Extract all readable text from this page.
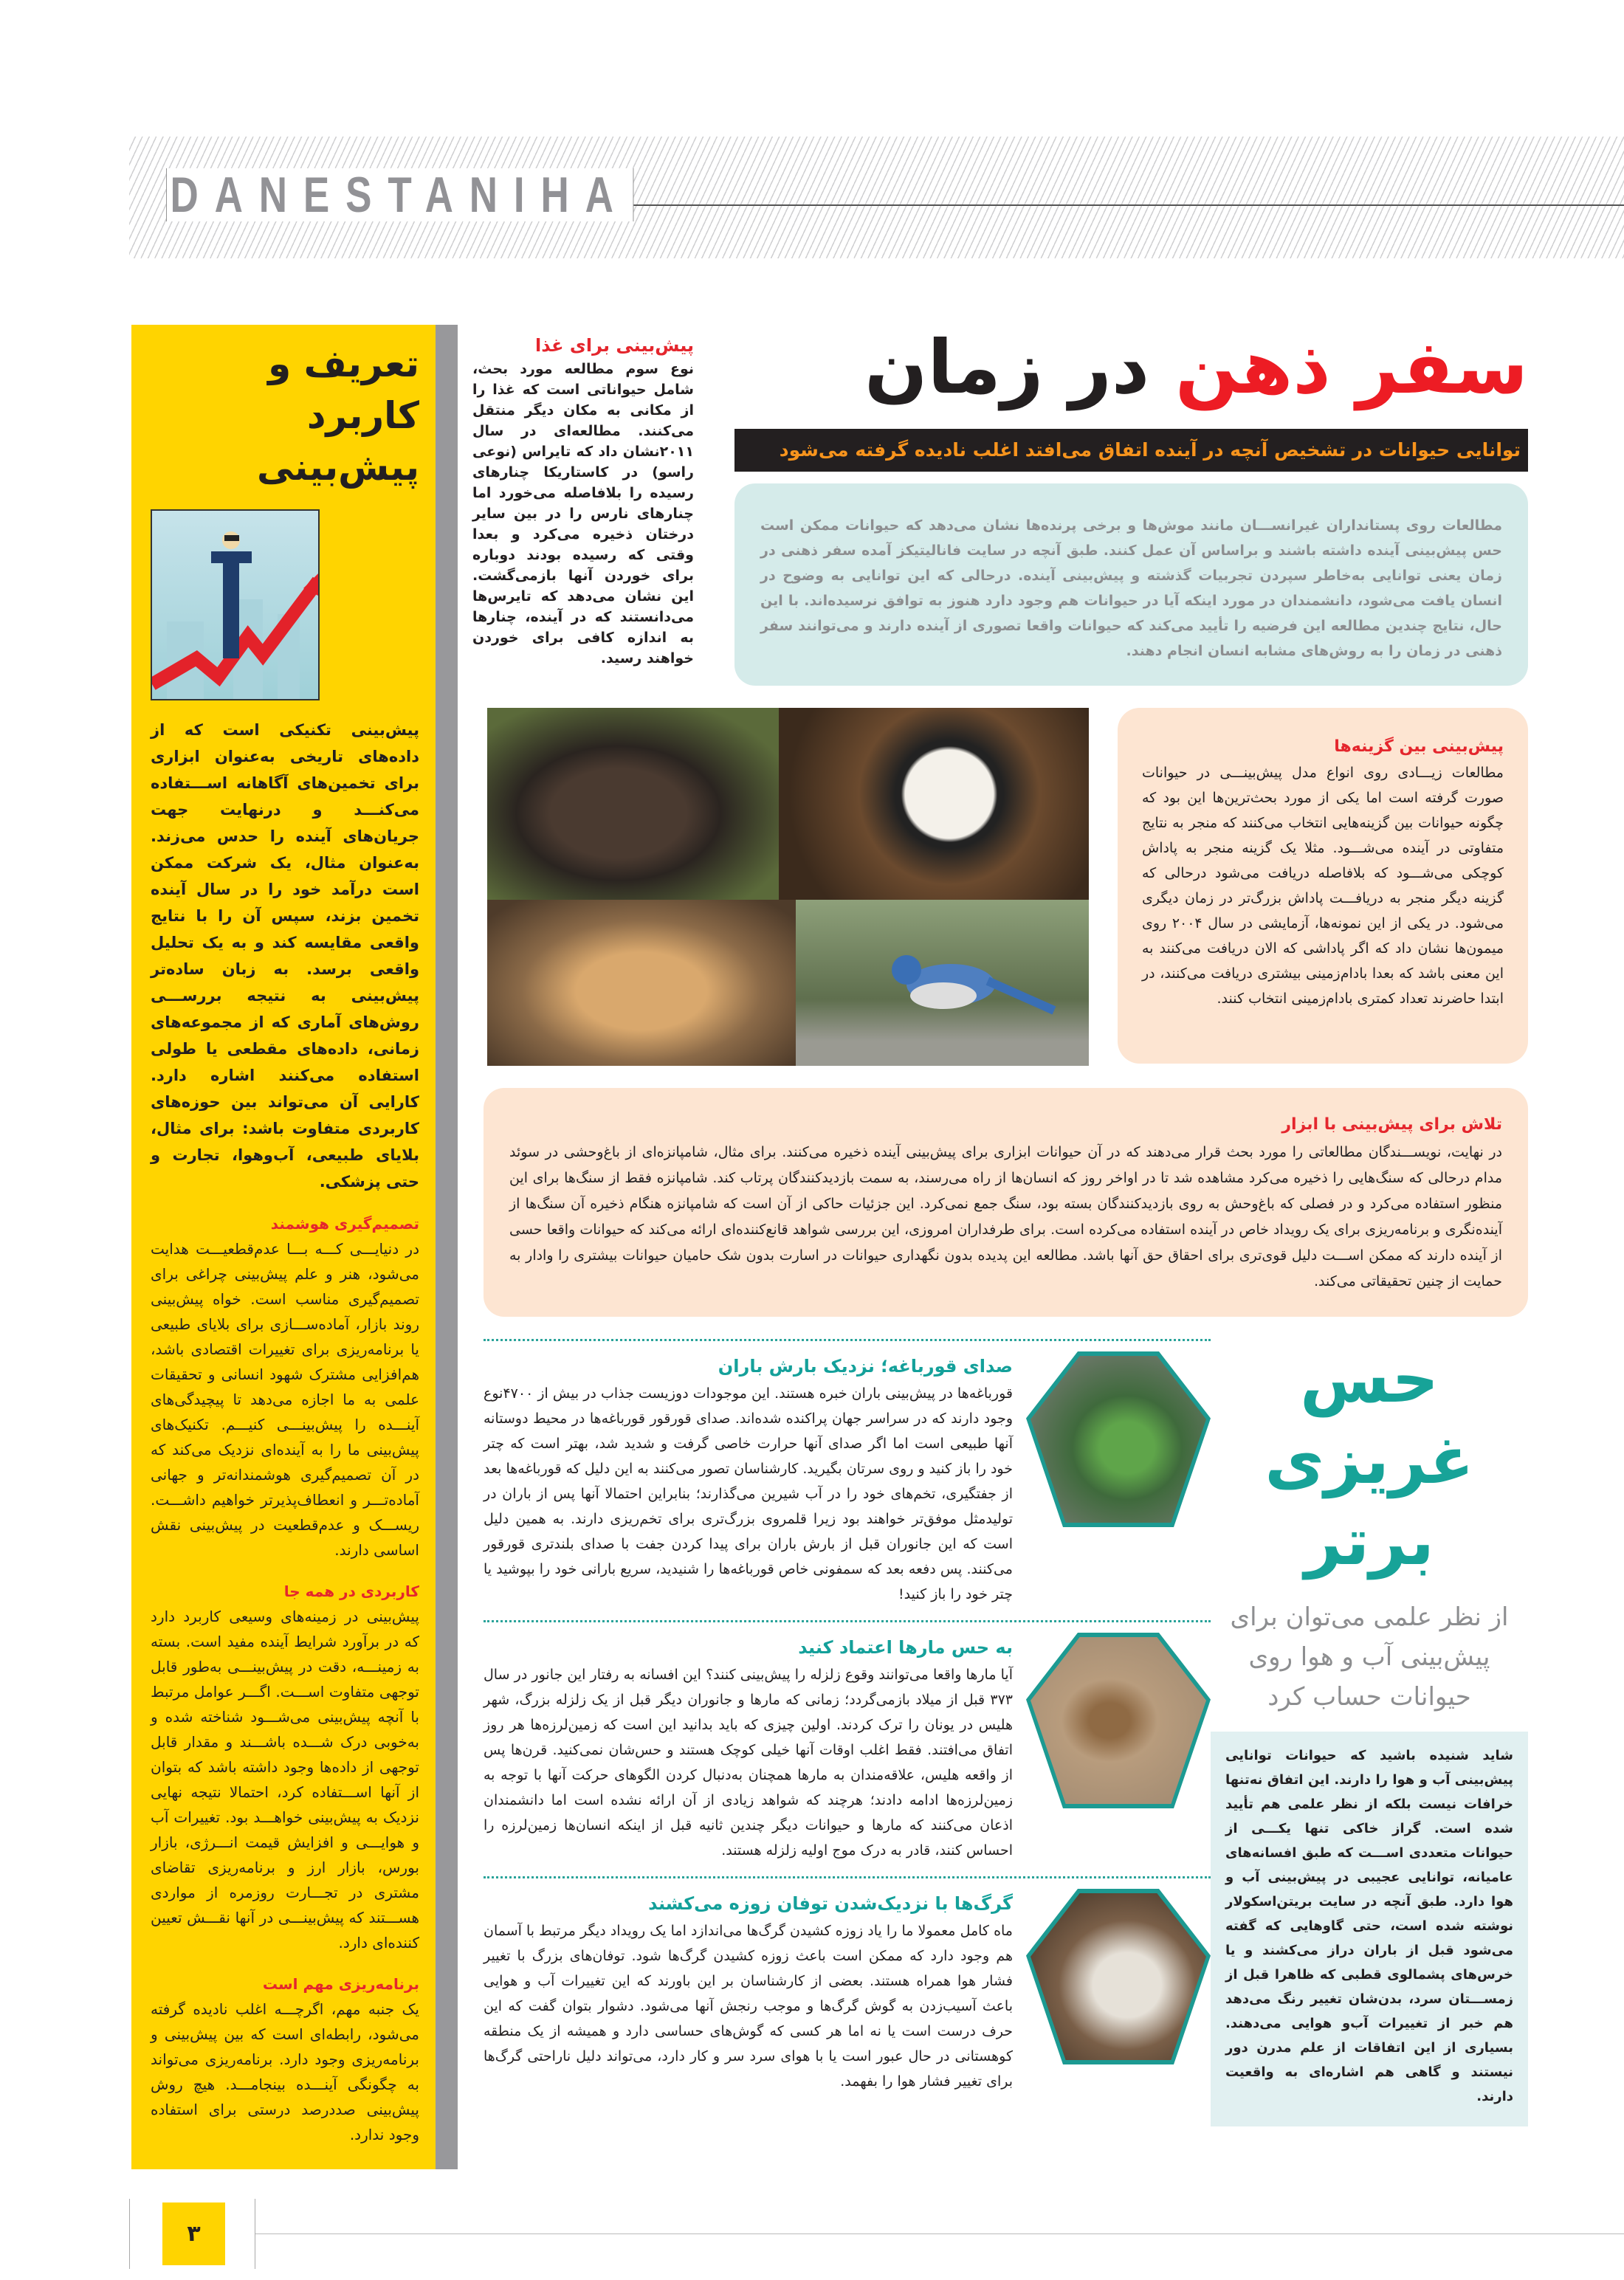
DANESTANIHA
تعریف و کاربرد پیش‌بینی
پیش‌بینی تکنیکی است که از داده‌های تاریخی به‌عنوان ابزاری برای تخمین‌های آگاهانه اســـتفاده می‌کنـــد و درنهایت جهت جریان‌های آینده را حدس می‌زند. به‌عنوان مثال، یک شرکت ممکن است درآمد خود را در سال آینده تخمین بزند، سپس آن را با نتایج واقعی مقایسه کند و به یک تحلیل واقعی برسد. به زبان ساده‌تر پیش‌بینی به نتیجه بررســـی روش‌های آماری که از مجموعه‌های زمانی، داده‌های مقطعی یا طولی استفاده می‌کنند اشاره دارد. کارایی آن می‌تواند بین حوزه‌های کاربردی متفاوت باشد: برای مثال، بلایای طبیعی، آب‌وهوا، تجارت و حتی پزشکی.
تصمیم‌گیری هوشمند
در دنیایـــی کـــه بـــا عدم‌قطعیـــت هدایت می‌شود، هنر و علم پیش‌بینی چراغی برای تصمیم‌گیری مناسب است. خواه پیش‌بینی روند بازار، آماده‌ســـازی برای بلایای طبیعی یا برنامه‌ریزی برای تغییرات اقتصادی باشد، هم‌افزایی مشترک شهود انسانی و تحقیقات علمی به ما اجازه می‌دهد تا پیچیدگی‌های آینـــده را پیش‌بینـــی کنیـــم. تکنیک‌های پیش‌بینی ما را به آینده‌ای نزدیک می‌کند که در آن تصمیم‌گیری هوشمندانه‌تر و جهانی آماده‌تـــر و انعطاف‌پذیرتر خواهیم داشـــت. ریســـک و عدم‌قطعیت در پیش‌بینی نقش اساسی دارند.
کاربردی در همه جا
پیش‌بینی در زمینه‌های وسیعی کاربرد دارد که در برآورد شرایط آینده مفید است. بسته به زمینـــه، دقت در پیش‌بینـــی به‌طور قابل توجهی متفاوت اســـت. اگـــر عوامل مرتبط با آنچه پیش‌بینی می‌شـــود شناخته شده و به‌خوبی درک شـــده باشـــند و مقدار قابل توجهی از داده‌ها وجود داشته باشد که بتوان از آنها اســـتفاده کرد، احتمالا نتیجه نهایی نزدیک به پیش‌بینی خواهـــد بود. تغییرات آب و هوایـــی و افزایش قیمت انـــرژی، بازار بورس، بازار ارز و برنامه‌ریزی تقاضای مشتری در تجـــارت روزمره از مواردی هســـتند که پیش‌بینـــی در آنها نقـــش تعیین کننده‌ای دارد.
برنامه‌ریزی مهم است
یک جنبه مهم، اگرچـــه اغلب نادیده گرفته می‌شود، رابطه‌ای است که بین پیش‌بینی و برنامه‌ریزی وجود دارد. برنامه‌ریزی می‌تواند به چگونگی آینـــده بینجامـــد. هیچ روش پیش‌بینی صددرصد درستی برای استفاده وجود ندارد.
پیش‌بینی برای غذا
نوع سوم مطالعه مورد بحث، شامل حیواناتی است که غذا را از مکانی به مکان دیگر منتقل می‌کنند. مطالعه‌ای در سال ۲۰۱۱نشان داد که تایراس (نوعی راسو) در کاستاریکا چنارهای رسیده را بلافاصله می‌خورد اما چنارهای نارس را در بین سایر درختان ذخیره می‌کرد و بعدا وقتی که رسیده بودند دوباره برای خوردن آنها بازمی‌گشت. این نشان می‌دهد که تایرس‌ها می‌دانستند که در آینده، چنارها به اندازه کافی برای خوردن خواهند رسید.
سفر ذهن در زمان
توانایی حیوانات در تشخیص آنچه در آینده اتفاق می‌افتد اغلب نادیده گرفته می‌شود
مطالعات روی پستانداران غیرانســـان مانند موش‌ها و برخی پرنده‌ها نشان می‌دهد که حیوانات ممکن است حس پیش‌بینی آینده داشته باشند و براساس آن عمل کنند. طبق آنچه در سایت فانالیتیکز آمده سفر ذهنی در زمان یعنی توانایی به‌خاطر سپردن تجربیات گذشته و پیش‌بینی آینده. درحالی که این توانایی به وضوح در انسان یافت می‌شود، دانشمندان در مورد اینکه آیا در حیوانات هم وجود دارد هنوز به توافق نرسیده‌اند. با این حال، نتایج چندین مطالعه این فرضیه را تأیید می‌کند که حیوانات واقعا تصوری از آینده دارند و می‌توانند سفر ذهنی در زمان را به روش‌های مشابه انسان انجام دهند.
پیش‌بینی بین گزینه‌ها
مطالعات زیـــادی روی انواع مدل پیش‌بینـــی در حیوانات صورت گرفته است اما یکی از مورد بحث‌ترین‌ها این بود که چگونه حیوانات بین گزینه‌هایی انتخاب می‌کنند که منجر به نتایج متفاوتی در آینده می‌شـــود. مثلا یک گزینه منجر به پاداش کوچکی می‌شـــود که بلافاصله دریافت می‌شود درحالی که گزینه دیگر منجر به دریافـــت پاداش بزرگ‌تر در زمان دیگری می‌شود. در یکی از این نمونه‌ها، آزمایشی در سال ۲۰۰۴ روی میمون‌ها نشان داد که اگر پاداشی که الان دریافت می‌کنند به این معنی باشد که بعدا بادام‌زمینی بیشتری دریافت می‌کنند، در ابتدا حاضرند تعداد کمتری بادام‌زمینی انتخاب کنند.
تلاش برای پیش‌بینی با ابزار
در نهایت، نویســـندگان مطالعاتی را مورد بحث قرار می‌دهند که در آن حیوانات ابزاری برای پیش‌بینی آینده ذخیره می‌کنند. برای مثال، شامپانزه‌ای از باغ‌وحشی در سوئد مدام درحالی که سنگ‌هایی را ذخیره می‌کرد مشاهده شد تا در اواخر روز که انسان‌ها از راه می‌رسند، به سمت بازدیدکنندگان پرتاب کند. شامپانزه فقط از سنگ‌ها برای این منظور استفاده می‌کرد و در فصلی که باغ‌وحش به روی بازدیدکنندگان بسته بود، سنگ جمع نمی‌کرد. این جزئیات حاکی از آن است که شامپانزه هنگام ذخیره آن سنگ‌ها از آینده‌نگری و برنامه‌ریزی برای یک رویداد خاص در آینده استفاده می‌کرده است. برای طرفداران امروزی، این بررسی شواهد قانع‌کننده‌ای ارائه می‌کند که حیوانات واقعا حسی از آینده دارند که ممکن اســـت دلیل قوی‌تری برای احقاق حق آنها باشد. مطالعه این پدیده بدون نگهداری حیوانات در اسارت بدون شک حامیان حیوانات بیشتری را وادار به حمایت از چنین تحقیقاتی می‌کند.
صدای قورباغه؛ نزدیک بارش باران
قورباغه‌ها در پیش‌بینی باران خبره هستند. این موجودات دوزیست جذاب در بیش از ۴۷۰۰نوع وجود دارند که در سراسر جهان پراکنده شده‌اند. صدای قورقور قورباغه‌ها در محیط دوستانه آنها طبیعی است اما اگر صدای آنها حرارت خاصی گرفت و شدید شد، بهتر است که چتر خود را باز کنید و روی سرتان بگیرید. کارشناسان تصور می‌کنند به این دلیل که قورباغه‌ها بعد از جفتگیری، تخم‌های خود را در آب شیرین می‌گذارند؛ بنابراین احتمالا آنها پس از باران در تولیدمثل موفق‌تر خواهند بود زیرا قلمروی بزرگ‌تری برای تخم‌ریزی دارند. به همین دلیل است که این جانوران قبل از بارش باران برای پیدا کردن جفت با صدای بلندتری قورقور می‌کنند. پس دفعه بعد که سمفونی خاص قورباغه‌ها را شنیدید، سریع بارانی خود را بپوشید یا چتر خود را باز کنید!
به حس مارها اعتماد کنید
آیا مارها واقعا می‌توانند وقوع زلزله را پیش‌بینی کنند؟ این افسانه به رفتار این جانور در سال ۳۷۳ قبل از میلاد بازمی‌گردد؛ زمانی که مارها و جانوران دیگر قبل از یک زلزله بزرگ، شهر هلیس در یونان را ترک کردند. اولین چیزی که باید بدانید این است که زمین‌لرزه‌ها هر روز اتفاق می‌افتند. فقط اغلب اوقات آنها خیلی کوچک هستند و حس‌شان نمی‌کنید. قرن‌ها پس از واقعه هلیس، علاقه‌مندان به مارها همچنان به‌دنبال کردن الگوهای حرکت آنها با توجه به زمین‌لرزه‌ها ادامه دادند؛ هرچند که شواهد زیادی از آن ارائه نشده است اما دانشمندان اذعان می‌کنند که مارها و حیوانات دیگر چندین ثانیه قبل از اینکه انسان‌ها زمین‌لرزه را احساس کنند، قادر به درک موج اولیه زلزله هستند.
گرگ‌ها با نزدیک‌شدن توفان زوزه می‌کشند
ماه کامل معمولا ما را یاد زوزه کشیدن گرگ‌ها می‌اندازد اما یک رویداد دیگر مرتبط با آسمان هم وجود دارد که ممکن است باعث زوزه کشیدن گرگ‌ها شود. توفان‌های بزرگ با تغییر فشار هوا همراه هستند. بعضی از کارشناسان بر این باورند که این تغییرات آب و هوایی باعث آسیب‌زدن به گوش گرگ‌ها و موجب رنجش آنها می‌شود. دشوار بتوان گفت که این حرف درست است یا نه اما هر کسی که گوش‌های حساسی دارد و همیشه از یک منطقه کوهستانی در حال عبور است یا با هوای سرد سر و کار دارد، می‌تواند دلیل ناراحتی گرگ‌ها برای تغییر فشار هوا را بفهمد.
حس
غریزی برتر
از نظر علمی می‌توان برای پیش‌بینی آب و هوا روی حیوانات حساب کرد
شاید شنیده باشید که حیوانات توانایی پیش‌بینی آب و هوا را دارند. این اتفاق نه‌تنها خرافات نیست بلکه از نظر علمی هم تأیید شده است. گراز خاکی تنها یکـــی از حیوانات متعددی اســـت که طبق افسانه‌های عامیانه، توانایی عجیبی در پیش‌بینی آب و هوا دارد. طبق آنچه در سایت بریتن‌اسکولار نوشته شده است، حتی گاوهایی که گفته می‌شود قبل از باران دراز می‌کشند و یا خرس‌های پشمالوی قطبی که ظاهرا قبل از زمســـتان سرد، بدن‌شان تغییر رنگ می‌دهد هم خبر از تغییرات آب‌و هوایی می‌دهند. بسیاری از این اتفاقات از علم مدرن دور نیستند و گاهی هم اشاره‌ای به واقعیت دارند.
۳
